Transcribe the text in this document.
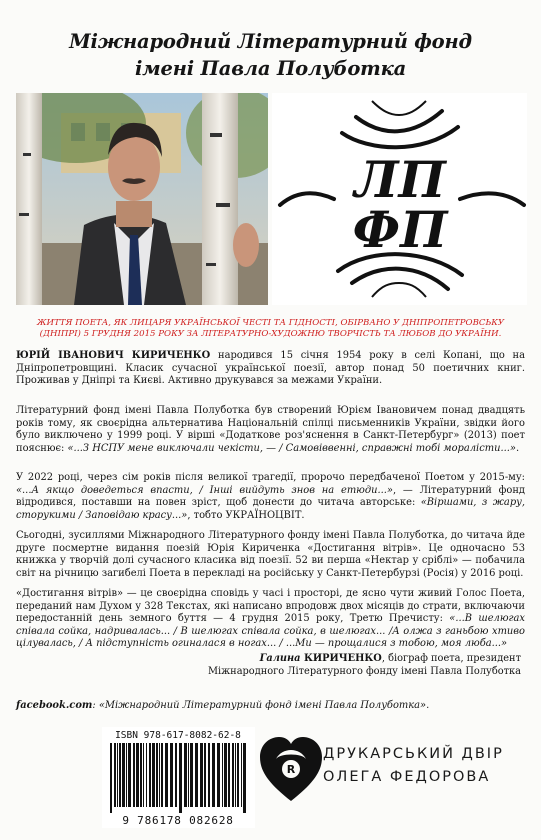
Міжнародний Літературний фонд
імені Павла Полуботка
ЛП
ФП
ЖИТТЯ ПОЕТА, ЯК ЛИЦАРЯ УКРАЇНСЬКОЇ ЧЕСТІ ТА ГІДНОСТІ, ОБІРВАНО У ДНІПРОПЕТРОВСЬКУ (ДНІПРІ) 5 ГРУДНЯ 2015 РОКУ ЗА ЛІТЕРАТУРНО-ХУДОЖНЮ ТВОРЧІСТЬ ТА ЛЮБОВ ДО УКРАЇНИ.
ЮРІЙ ІВАНОВИЧ КИРИЧЕНКО народився 15 січня 1954 року в селі Копані, що на Дніпропетровщині. Класик сучасної української поезії, автор понад 50 поетичних книг. Проживав у Дніпрі та Києві. Активно друкувався за межами України.
Літературний фонд імені Павла Полуботка був створений Юрієм Івановичем понад двадцять років тому, як своєрідна альтернатива Національній спілці письменників України, звідки його було виключено у 1999 році. У вірші «Додаткове роз'яснення в Санкт-Петербург» (2013) поет пояснює: «...З НСПУ мене виключали чекісти, — / Самовіввенні, справжні тобі моралісти...».
У 2022 році, через сім років після великої трагедії, пророчо передбаченої Поетом у 2015-му: «...А якщо доведеться впасти, / Інші вийдуть знов на етюди...», — Літературний фонд відродився, поставши на повен зріст, щоб донести до читача авторське: «Віршами, з жару, сторукими / Заповідаю красу...», тобто УКРАЇНОЦВІТ.
Сьогодні, зусиллями Міжнародного Літературного фонду імені Павла Полуботка, до читача йде друге посмертне видання поезій Юрія Кириченка «Достигання вітрів». Це одночасно 53 книжка у творчій долі сучасного класика від поезії. 52 ви перша «Нектар у сріблі» — побачила світ на річницю загибелі Поета в перекладі на російську у Санкт-Петербурзі (Росія) у 2016 році.
«Достигання вітрів» — це своєрідна сповідь у часі і просторі, де ясно чути живий Голос Поета, переданий нам Духом у 328 Текстах, які написано впродовж двох місяців до страти, включаючи передостанній день земного буття — 4 грудня 2015 року, Третю Пречисту: «...В шелюгах співала сойка, надривалась... / В шелюгах співала сойка, в шелюгах... /А олжа з ганьбою хтиво цілувалась, / А підступність огиналася в ногах... / ...Ми — прощалися з тобою, моя люба...»
Галина КИРИЧЕНКО, біограф поета, президент
Міжнародного Літературного фонду імені Павла Полуботка
facebook.com: «Міжнародний Літературний фонд імені Павла Полуботка».
ISBN 978-617-8082-62-8
9 786178 082628
R
ДРУКАРСЬКИЙ ДВІР
ОЛЕГА ФЕДОРОВА
